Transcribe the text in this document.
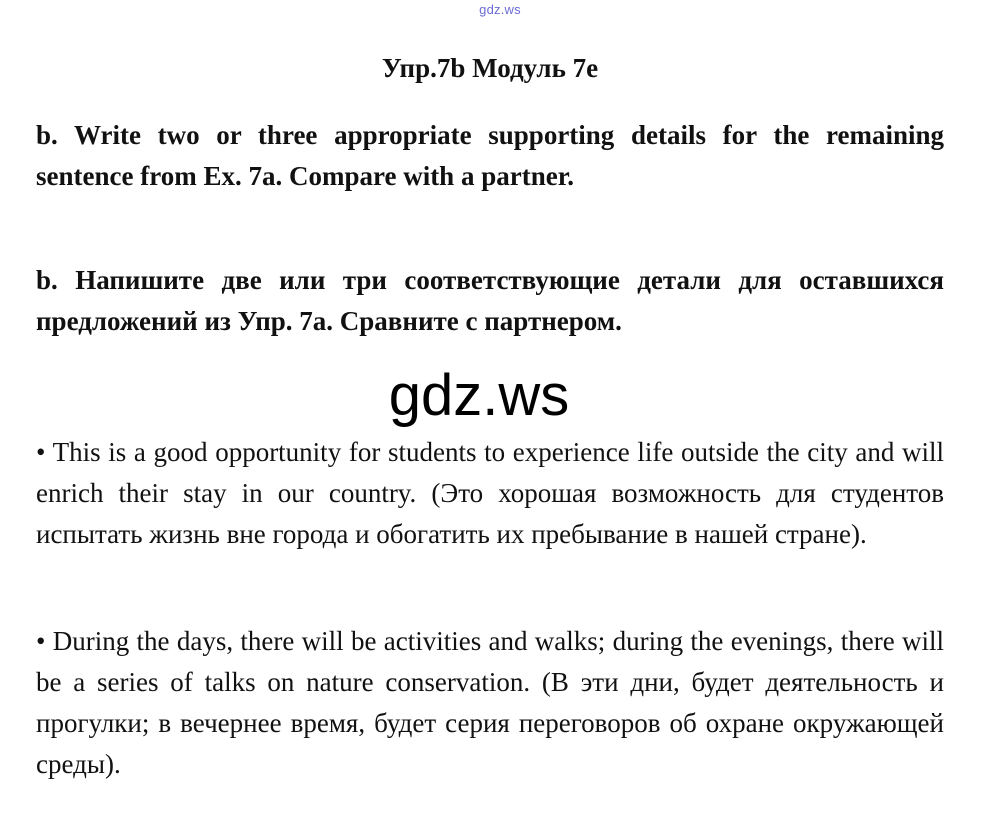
gdz.ws
Упр.7b Модуль 7e
b. Write two or three appropriate supporting details for the remaining sentence from Ex. 7a. Compare with a partner.
b. Напишите две или три соответствующие детали для оставшихся предложений из Упр. 7а. Сравните с партнером.
gdz.ws
• This is a good opportunity for students to experience life outside the city and will enrich their stay in our country. (Это хорошая возможность для студентов испытать жизнь вне города и обогатить их пребывание в нашей стране).
• During the days, there will be activities and walks; during the evenings, there will be a series of talks on nature conservation. (В эти дни, будет деятельность и прогулки; в вечернее время, будет серия переговоров об охране окружающей среды).
